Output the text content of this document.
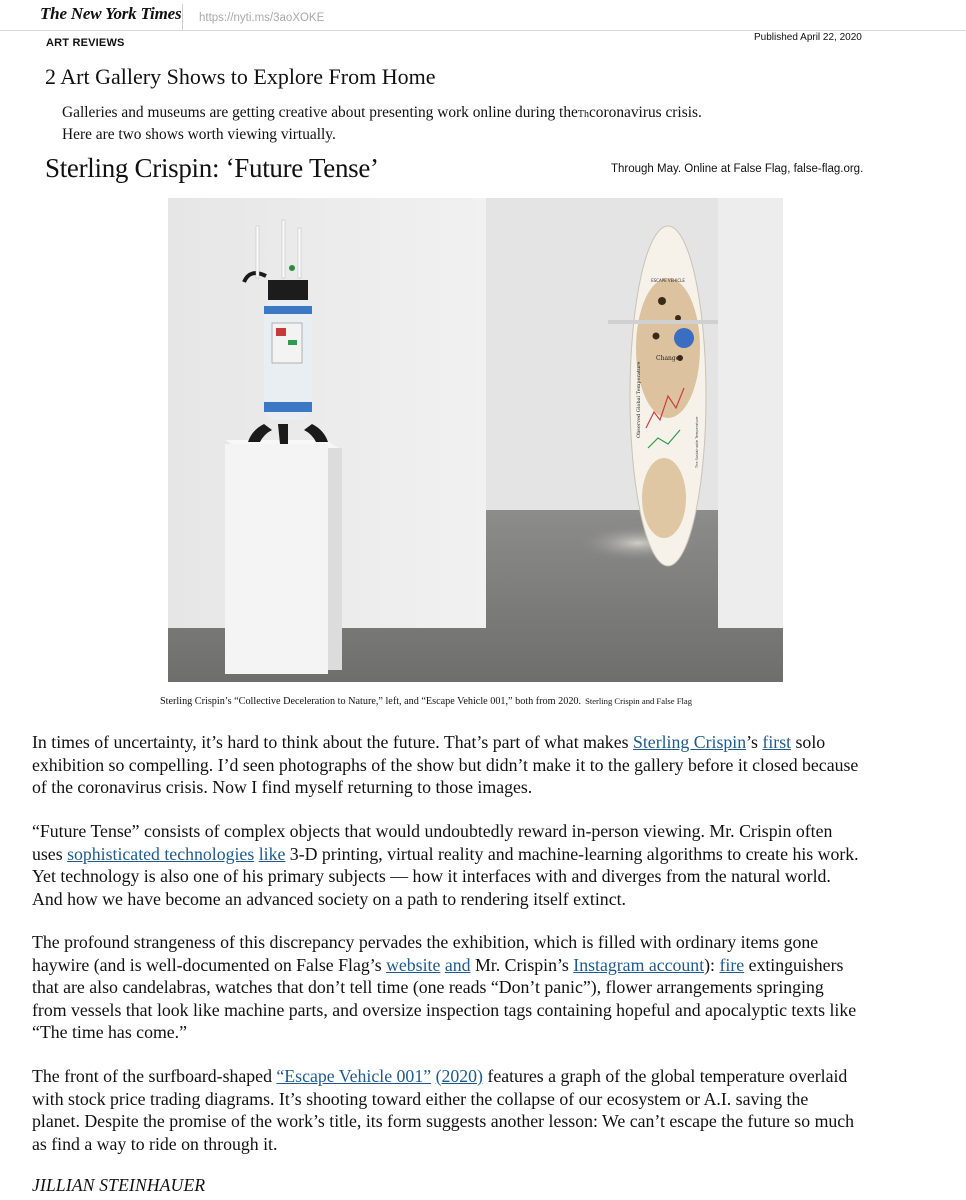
The New York Times https://nyti.ms/3aoXOKE
ART REVIEWS	Published April 22, 2020
2 Art Gallery Shows to Explore From Home
Galleries and museums are getting creative about presenting work online during theThcoronavirus crisis.
Here are two shows worth viewing virtually.
Sterling Crispin: ‘Future Tense’	Through May. Online at False Flag, false-flag.org.
ESCAPE VEHICLE
Change
Observed Global Temperature
The Sustainable Temperature
Sterling Crispin’s “Collective Deceleration to Nature,” left, and “Escape Vehicle 001,” both from 2020. Sterling Crispin and False Flag
In times of uncertainty, it’s hard to think about the future. That’s part of what makes Sterling Crispin’s first solo
exhibition so compelling. I’d seen photographs of the show but didn’t make it to the gallery before it closed because
of the coronavirus crisis. Now I find myself returning to those images.
“Future Tense” consists of complex objects that would undoubtedly reward in-person viewing. Mr. Crispin often
uses sophisticated technologies like 3-D printing, virtual reality and machine-learning algorithms to create his work.
Yet technology is also one of his primary subjects — how it interfaces with and diverges from the natural world.
And how we have become an advanced society on a path to rendering itself extinct.
The profound strangeness of this discrepancy pervades the exhibition, which is filled with ordinary items gone
haywire (and is well-documented on False Flag’s website and Mr. Crispin’s Instagram account): fire extinguishers
that are also candelabras, watches that don’t tell time (one reads “Don’t panic”), flower arrangements springing
from vessels that look like machine parts, and oversize inspection tags containing hopeful and apocalyptic texts like
“The time has come.”
The front of the surfboard-shaped “Escape Vehicle 001” (2020) features a graph of the global temperature overlaid
with stock price trading diagrams. It’s shooting toward either the collapse of our ecosystem or A.I. saving the
planet. Despite the promise of the work’s title, its form suggests another lesson: We can’t escape the future so much
as find a way to ride on through it.
JILLIAN STEINHAUER
